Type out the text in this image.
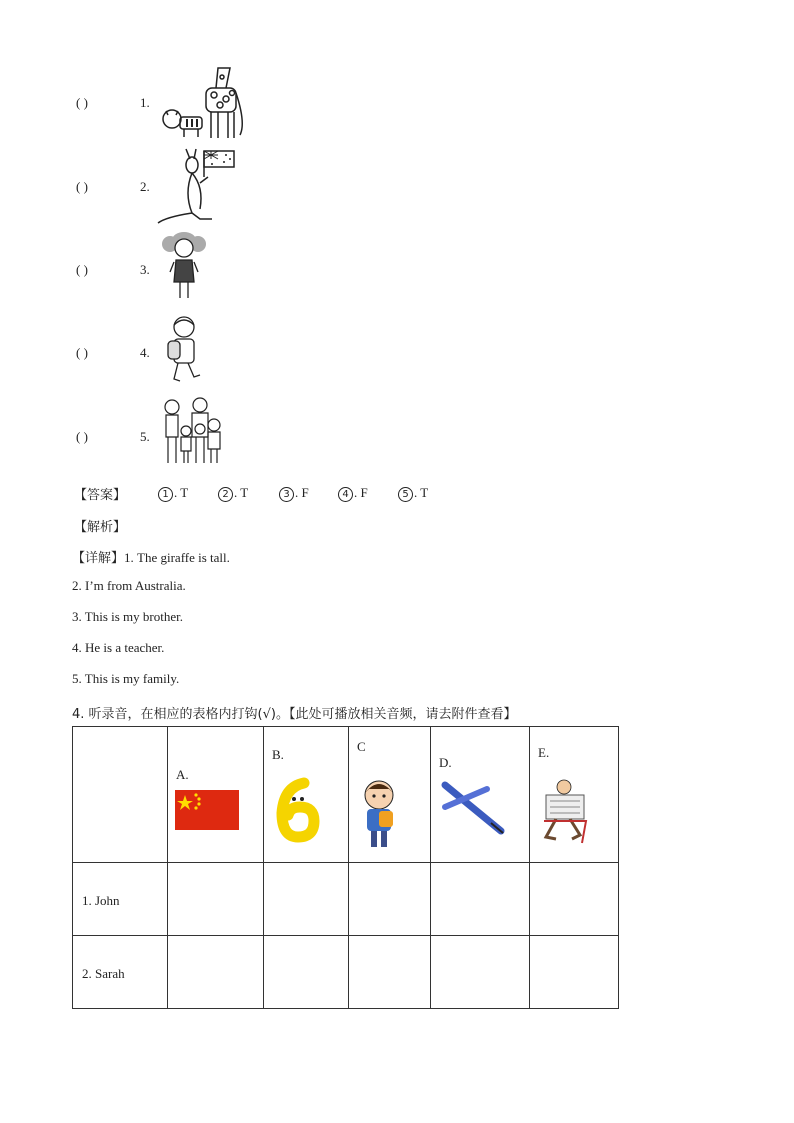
( )	1.
( )	2.
( )	3.
( )	4.
( )	5.
【答案】	1 . T	2 . T	3 . F	4 . F	5 . T
【解析】
【详解】1. The giraffe is tall.
2. I’m from Australia.
3. This is my brother.
4. He is a teacher.
5. This is my family.
4. 听录音，在相应的表格内打钩(√)。【此处可播放相关音频，请去附件查看】

	A.	B.	C	D.	E.

1. John					

2. Sarah					
